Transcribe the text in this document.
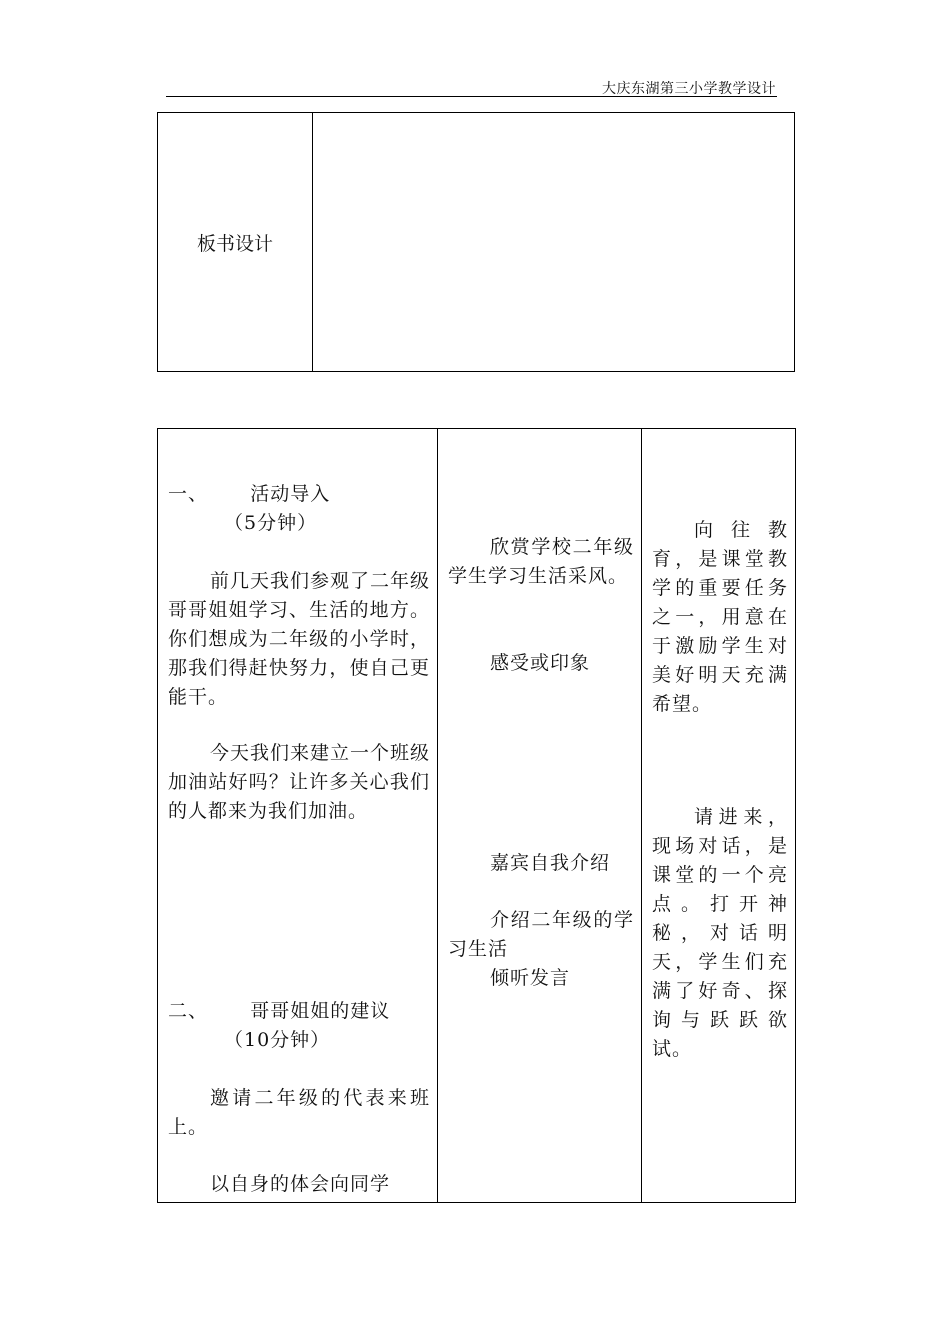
大庆东湖第三小学教学设计
板书设计
一、      活动导入
（5分钟）
前几天我们参观了二年级哥哥姐姐学习、生活的地方。你们想成为二年级的小学时，那我们得赶快努力，使自己更能干。
今天我们来建立一个班级加油站好吗？让许多关心我们的人都来为我们加油。
二、      哥哥姐姐的建议
（10分钟）
邀请二年级的代表来班上。
以自身的体会向同学
欣赏学校二年级学生学习生活采风。
感受或印象
嘉宾自我介绍
介绍二年级的学习生活
倾听发言
向往教育，是课堂教学的重要任务之一，用意在于激励学生对美好明天充满希望。
请进来，现场对话，是课堂的一个亮点。打开神秘，对话明天，学生们充满了好奇、探询与跃跃欲试。
